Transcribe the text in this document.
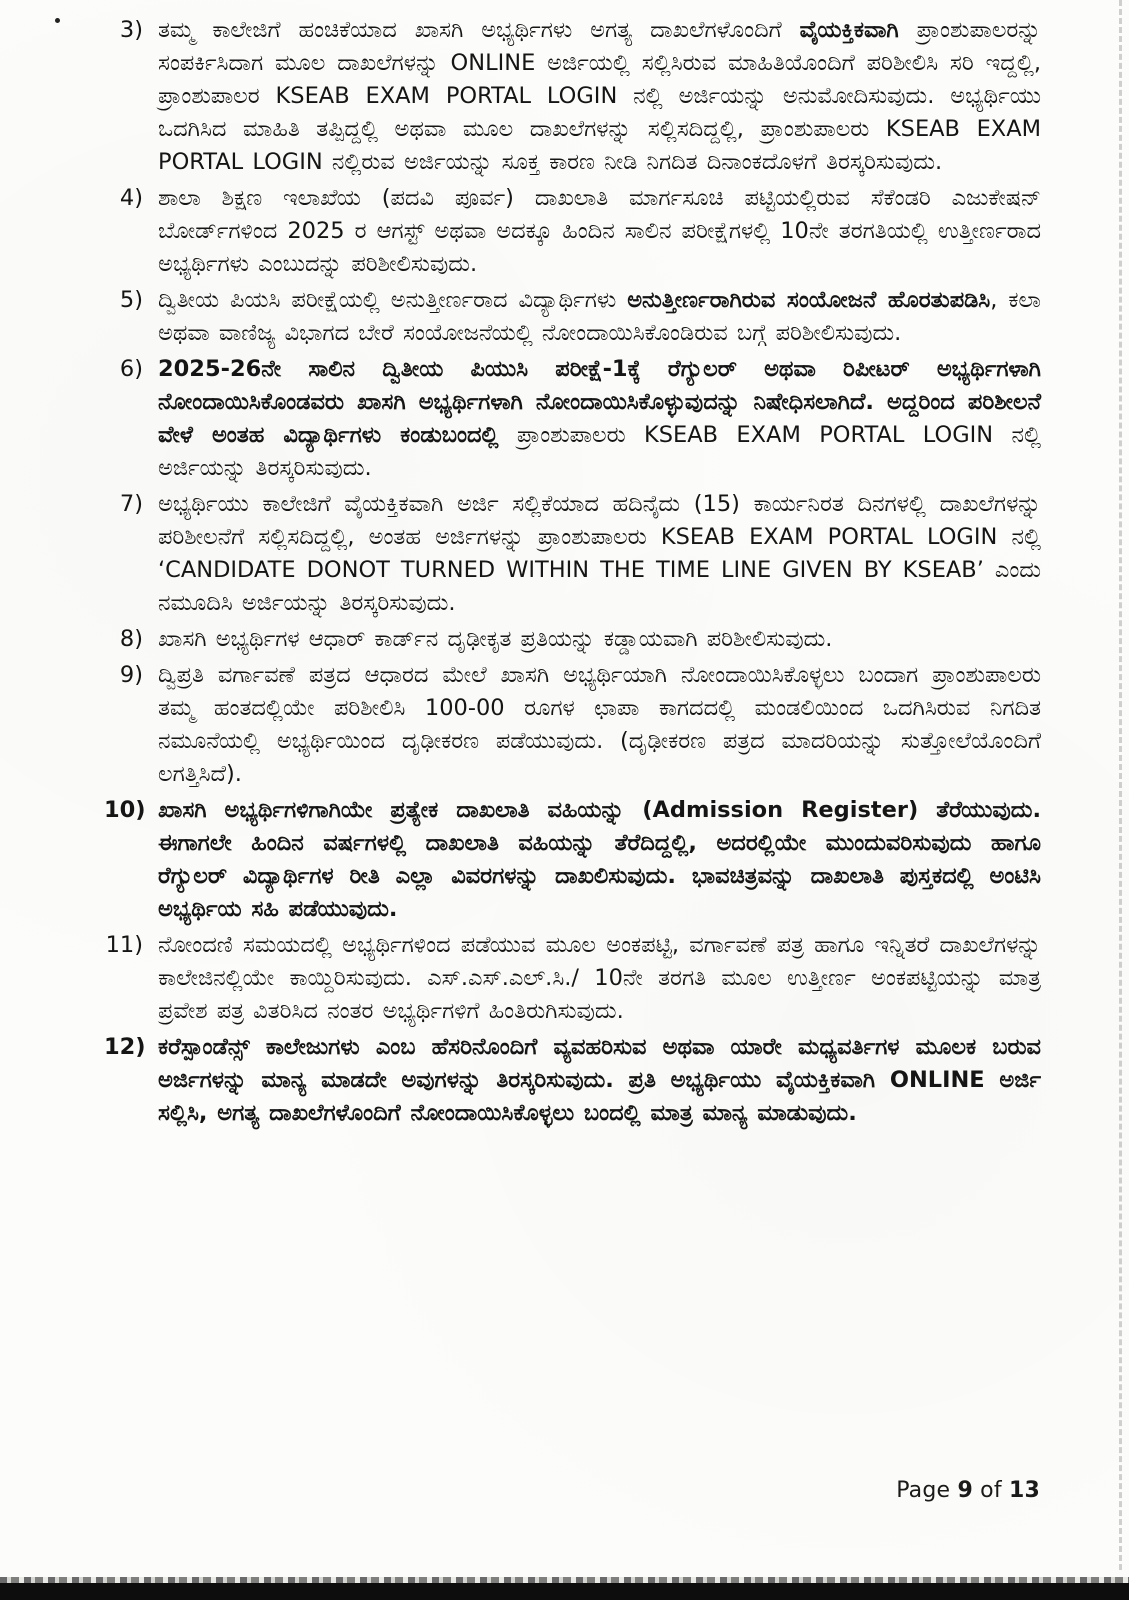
3) ತಮ್ಮ ಕಾಲೇಜಿಗೆ ಹಂಚಿಕೆಯಾದ ಖಾಸಗಿ ಅಭ್ಯರ್ಥಿಗಳು ಅಗತ್ಯ ದಾಖಲೆಗಳೊಂದಿಗೆ ವೈಯಕ್ತಿಕವಾಗಿ ಪ್ರಾಂಶುಪಾಲರನ್ನು ಸಂಪರ್ಕಿಸಿದಾಗ ಮೂಲ ದಾಖಲೆಗಳನ್ನು ONLINE ಅರ್ಜಿಯಲ್ಲಿ ಸಲ್ಲಿಸಿರುವ ಮಾಹಿತಿಯೊಂದಿಗೆ ಪರಿಶೀಲಿಸಿ ಸರಿ ಇದ್ದಲ್ಲಿ, ಪ್ರಾಂಶುಪಾಲರ KSEAB EXAM PORTAL LOGIN ನಲ್ಲಿ ಅರ್ಜಿಯನ್ನು ಅನುಮೋದಿಸುವುದು. ಅಭ್ಯರ್ಥಿಯು ಒದಗಿಸಿದ ಮಾಹಿತಿ ತಪ್ಪಿದ್ದಲ್ಲಿ ಅಥವಾ ಮೂಲ ದಾಖಲೆಗಳನ್ನು ಸಲ್ಲಿಸದಿದ್ದಲ್ಲಿ, ಪ್ರಾಂಶುಪಾಲರು KSEAB EXAM PORTAL LOGIN ನಲ್ಲಿರುವ ಅರ್ಜಿಯನ್ನು ಸೂಕ್ತ ಕಾರಣ ನೀಡಿ ನಿಗದಿತ ದಿನಾಂಕದೊಳಗೆ ತಿರಸ್ಕರಿಸುವುದು.
4) ಶಾಲಾ ಶಿಕ್ಷಣ ಇಲಾಖೆಯ (ಪದವಿ ಪೂರ್ವ) ದಾಖಲಾತಿ ಮಾರ್ಗಸೂಚಿ ಪಟ್ಟಿಯಲ್ಲಿರುವ ಸೆಕೆಂಡರಿ ಎಜುಕೇಷನ್ ಬೋರ್ಡ್‌ಗಳಿಂದ 2025 ರ ಆಗಸ್ಟ್ ಅಥವಾ ಅದಕ್ಕೂ ಹಿಂದಿನ ಸಾಲಿನ ಪರೀಕ್ಷೆಗಳಲ್ಲಿ 10ನೇ ತರಗತಿಯಲ್ಲಿ ಉತ್ತೀರ್ಣರಾದ ಅಭ್ಯರ್ಥಿಗಳು ಎಂಬುದನ್ನು ಪರಿಶೀಲಿಸುವುದು.
5) ದ್ವಿತೀಯ ಪಿಯಸಿ ಪರೀಕ್ಷೆಯಲ್ಲಿ ಅನುತ್ತೀರ್ಣರಾದ ವಿದ್ಯಾರ್ಥಿಗಳು ಅನುತ್ತೀರ್ಣರಾಗಿರುವ ಸಂಯೋಜನೆ ಹೊರತುಪಡಿಸಿ, ಕಲಾ ಅಥವಾ ವಾಣಿಜ್ಯ ವಿಭಾಗದ ಬೇರೆ ಸಂಯೋಜನೆಯಲ್ಲಿ ನೋಂದಾಯಿಸಿಕೊಂಡಿರುವ ಬಗ್ಗೆ ಪರಿಶೀಲಿಸುವುದು.
6) 2025-26ನೇ ಸಾಲಿನ ದ್ವಿತೀಯ ಪಿಯುಸಿ ಪರೀಕ್ಷೆ-1ಕ್ಕೆ ರೆಗ್ಯುಲರ್ ಅಥವಾ ರಿಪೀಟರ್ ಅಭ್ಯರ್ಥಿಗಳಾಗಿ ನೋಂದಾಯಿಸಿಕೊಂಡವರು ಖಾಸಗಿ ಅಭ್ಯರ್ಥಿಗಳಾಗಿ ನೋಂದಾಯಿಸಿಕೊಳ್ಳುವುದನ್ನು ನಿಷೇಧಿಸಲಾಗಿದೆ. ಅದ್ದರಿಂದ ಪರಿಶೀಲನೆ ವೇಳೆ ಅಂತಹ ವಿದ್ಯಾರ್ಥಿಗಳು ಕಂಡುಬಂದಲ್ಲಿ ಪ್ರಾಂಶುಪಾಲರು KSEAB EXAM PORTAL LOGIN ನಲ್ಲಿ ಅರ್ಜಿಯನ್ನು ತಿರಸ್ಕರಿಸುವುದು.
7) ಅಭ್ಯರ್ಥಿಯು ಕಾಲೇಜಿಗೆ ವೈಯಕ್ತಿಕವಾಗಿ ಅರ್ಜಿ ಸಲ್ಲಿಕೆಯಾದ ಹದಿನೈದು (15) ಕಾರ್ಯನಿರತ ದಿನಗಳಲ್ಲಿ ದಾಖಲೆಗಳನ್ನು ಪರಿಶೀಲನೆಗೆ ಸಲ್ಲಿಸದಿದ್ದಲ್ಲಿ, ಅಂತಹ ಅರ್ಜಿಗಳನ್ನು ಪ್ರಾಂಶುಪಾಲರು KSEAB EXAM PORTAL LOGIN ನಲ್ಲಿ ‘CANDIDATE DONOT TURNED WITHIN THE TIME LINE GIVEN BY KSEAB’ ಎಂದು ನಮೂದಿಸಿ ಅರ್ಜಿಯನ್ನು ತಿರಸ್ಕರಿಸುವುದು.
8) ಖಾಸಗಿ ಅಭ್ಯರ್ಥಿಗಳ ಆಧಾರ್ ಕಾರ್ಡ್‌ನ ದೃಢೀಕೃತ ಪ್ರತಿಯನ್ನು ಕಡ್ಡಾಯವಾಗಿ ಪರಿಶೀಲಿಸುವುದು.
9) ದ್ವಿಪ್ರತಿ ವರ್ಗಾವಣೆ ಪತ್ರದ ಆಧಾರದ ಮೇಲೆ ಖಾಸಗಿ ಅಭ್ಯರ್ಥಿಯಾಗಿ ನೋಂದಾಯಿಸಿಕೊಳ್ಳಲು ಬಂದಾಗ ಪ್ರಾಂಶುಪಾಲರು ತಮ್ಮ ಹಂತದಲ್ಲಿಯೇ ಪರಿಶೀಲಿಸಿ 100-00 ರೂಗಳ ಛಾಪಾ ಕಾಗದದಲ್ಲಿ ಮಂಡಲಿಯಿಂದ ಒದಗಿಸಿರುವ ನಿಗದಿತ ನಮೂನೆಯಲ್ಲಿ ಅಭ್ಯರ್ಥಿಯಿಂದ ದೃಢೀಕರಣ ಪಡೆಯುವುದು. (ದೃಢೀಕರಣ ಪತ್ರದ ಮಾದರಿಯನ್ನು ಸುತ್ತೋಲೆಯೊಂದಿಗೆ ಲಗತ್ತಿಸಿದೆ).
10) ಖಾಸಗಿ ಅಭ್ಯರ್ಥಿಗಳಿಗಾಗಿಯೇ ಪ್ರತ್ಯೇಕ ದಾಖಲಾತಿ ವಹಿಯನ್ನು (Admission Register) ತೆರೆಯುವುದು. ಈಗಾಗಲೇ ಹಿಂದಿನ ವರ್ಷಗಳಲ್ಲಿ ದಾಖಲಾತಿ ವಹಿಯನ್ನು ತೆರೆದಿದ್ದಲ್ಲಿ, ಅದರಲ್ಲಿಯೇ ಮುಂದುವರಿಸುವುದು ಹಾಗೂ ರೆಗ್ಯುಲರ್ ವಿದ್ಯಾರ್ಥಿಗಳ ರೀತಿ ಎಲ್ಲಾ ವಿವರಗಳನ್ನು ದಾಖಲಿಸುವುದು. ಭಾವಚಿತ್ರವನ್ನು ದಾಖಲಾತಿ ಪುಸ್ತಕದಲ್ಲಿ ಅಂಟಿಸಿ ಅಭ್ಯರ್ಥಿಯ ಸಹಿ ಪಡೆಯುವುದು.
11) ನೋಂದಣಿ ಸಮಯದಲ್ಲಿ ಅಭ್ಯರ್ಥಿಗಳಿಂದ ಪಡೆಯುವ ಮೂಲ ಅಂಕಪಟ್ಟಿ, ವರ್ಗಾವಣೆ ಪತ್ರ ಹಾಗೂ ಇನ್ನಿತರೆ ದಾಖಲೆಗಳನ್ನು ಕಾಲೇಜಿನಲ್ಲಿಯೇ ಕಾಯ್ದಿರಿಸುವುದು. ಎಸ್.ಎಸ್.ಎಲ್.ಸಿ./ 10ನೇ ತರಗತಿ ಮೂಲ ಉತ್ತೀರ್ಣ ಅಂಕಪಟ್ಟಿಯನ್ನು ಮಾತ್ರ ಪ್ರವೇಶ ಪತ್ರ ವಿತರಿಸಿದ ನಂತರ ಅಭ್ಯರ್ಥಿಗಳಿಗೆ ಹಿಂತಿರುಗಿಸುವುದು.
12) ಕರೆಸ್ಪಾಂಡೆನ್ಸ್ ಕಾಲೇಜುಗಳು ಎಂಬ ಹೆಸರಿನೊಂದಿಗೆ ವ್ಯವಹರಿಸುವ ಅಥವಾ ಯಾರೇ ಮಧ್ಯವರ್ತಿಗಳ ಮೂಲಕ ಬರುವ ಅರ್ಜಿಗಳನ್ನು ಮಾನ್ಯ ಮಾಡದೇ ಅವುಗಳನ್ನು ತಿರಸ್ಕರಿಸುವುದು. ಪ್ರತಿ ಅಭ್ಯರ್ಥಿಯು ವೈಯಕ್ತಿಕವಾಗಿ ONLINE ಅರ್ಜಿ ಸಲ್ಲಿಸಿ, ಅಗತ್ಯ ದಾಖಲೆಗಳೊಂದಿಗೆ ನೋಂದಾಯಿಸಿಕೊಳ್ಳಲು ಬಂದಲ್ಲಿ ಮಾತ್ರ ಮಾನ್ಯ ಮಾಡುವುದು.
Page 9 of 13
